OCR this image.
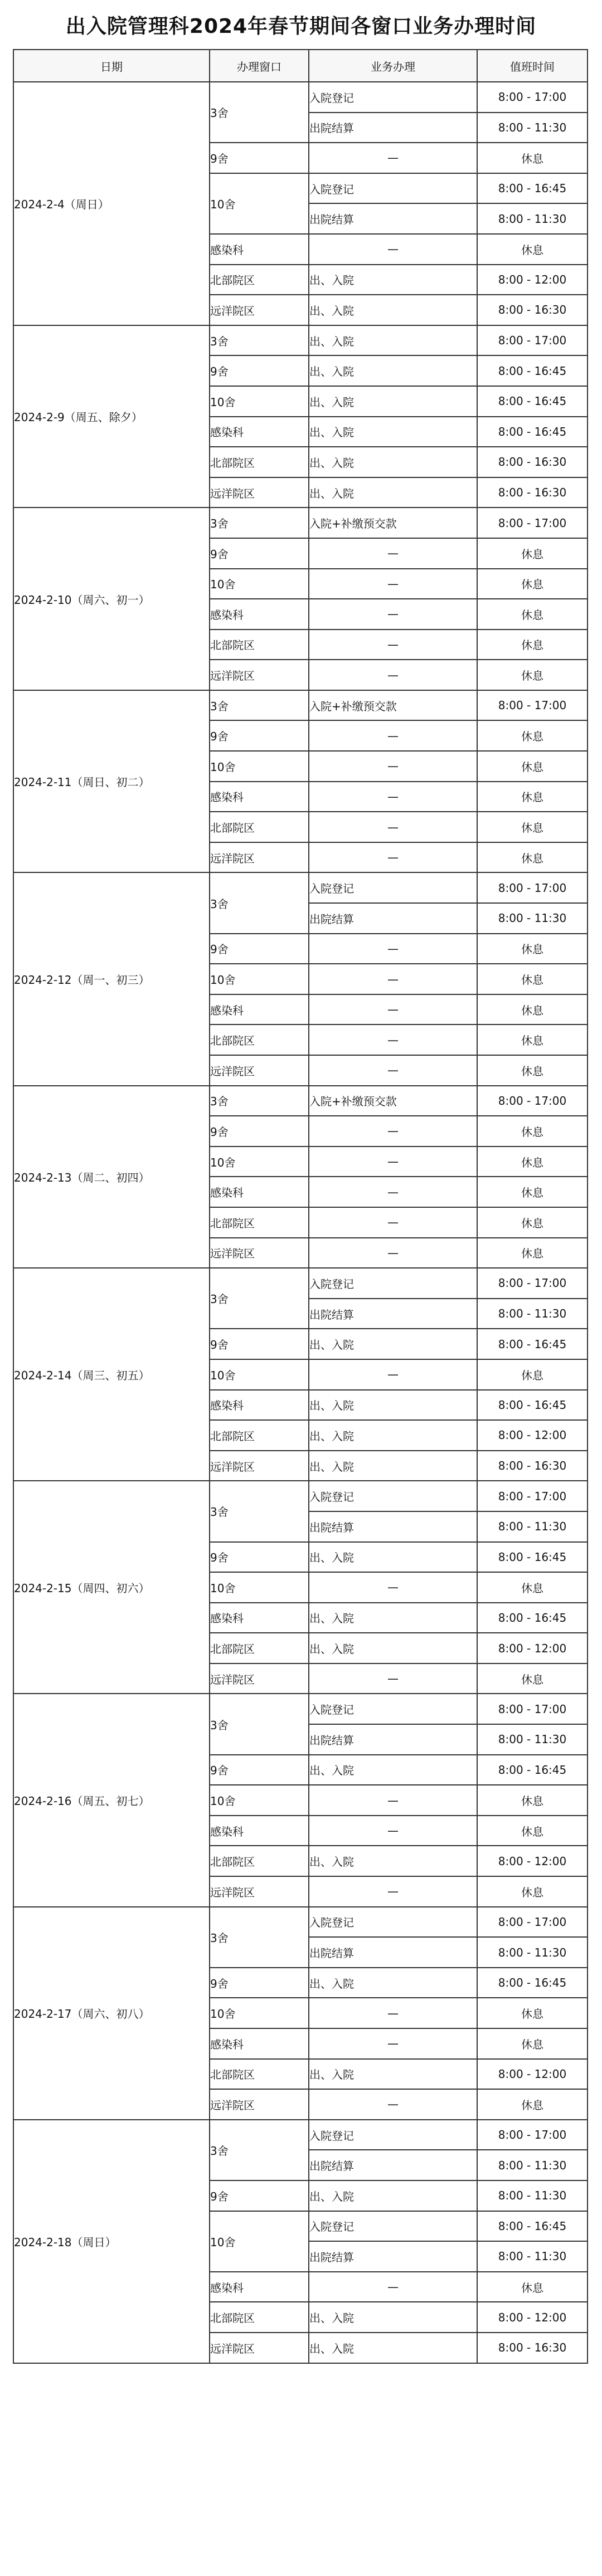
出入院管理科2024年春节期间各窗口业务办理时间
日期	办理窗口	业务办理	值班时间
2024-2-4（周日）	3舍	入院登记	8:00 - 17:00
		出院结算	8:00 - 11:30
	9舍	—	休息
	10舍	入院登记	8:00 - 16:45
		出院结算	8:00 - 11:30
	感染科	—	休息
	北部院区	出、入院	8:00 - 12:00
	远洋院区	出、入院	8:00 - 16:30
2024-2-9（周五、除夕）	3舍	出、入院	8:00 - 17:00
	9舍	出、入院	8:00 - 16:45
	10舍	出、入院	8:00 - 16:45
	感染科	出、入院	8:00 - 16:45
	北部院区	出、入院	8:00 - 16:30
	远洋院区	出、入院	8:00 - 16:30
2024-2-10（周六、初一）	3舍	入院+补缴预交款	8:00 - 17:00
	9舍	—	休息
	10舍	—	休息
	感染科	—	休息
	北部院区	—	休息
	远洋院区	—	休息
2024-2-11（周日、初二）	3舍	入院+补缴预交款	8:00 - 17:00
	9舍	—	休息
	10舍	—	休息
	感染科	—	休息
	北部院区	—	休息
	远洋院区	—	休息
2024-2-12（周一、初三）	3舍	入院登记	8:00 - 17:00
		出院结算	8:00 - 11:30
	9舍	—	休息
	10舍	—	休息
	感染科	—	休息
	北部院区	—	休息
	远洋院区	—	休息
2024-2-13（周二、初四）	3舍	入院+补缴预交款	8:00 - 17:00
	9舍	—	休息
	10舍	—	休息
	感染科	—	休息
	北部院区	—	休息
	远洋院区	—	休息
2024-2-14（周三、初五）	3舍	入院登记	8:00 - 17:00
		出院结算	8:00 - 11:30
	9舍	出、入院	8:00 - 16:45
	10舍	—	休息
	感染科	出、入院	8:00 - 16:45
	北部院区	出、入院	8:00 - 12:00
	远洋院区	出、入院	8:00 - 16:30
2024-2-15（周四、初六）	3舍	入院登记	8:00 - 17:00
		出院结算	8:00 - 11:30
	9舍	出、入院	8:00 - 16:45
	10舍	—	休息
	感染科	出、入院	8:00 - 16:45
	北部院区	出、入院	8:00 - 12:00
	远洋院区	—	休息
2024-2-16（周五、初七）	3舍	入院登记	8:00 - 17:00
		出院结算	8:00 - 11:30
	9舍	出、入院	8:00 - 16:45
	10舍	—	休息
	感染科	—	休息
	北部院区	出、入院	8:00 - 12:00
	远洋院区	—	休息
2024-2-17（周六、初八）	3舍	入院登记	8:00 - 17:00
		出院结算	8:00 - 11:30
	9舍	出、入院	8:00 - 16:45
	10舍	—	休息
	感染科	—	休息
	北部院区	出、入院	8:00 - 12:00
	远洋院区	—	休息
2024-2-18（周日）	3舍	入院登记	8:00 - 17:00
		出院结算	8:00 - 11:30
	9舍	出、入院	8:00 - 11:30
	10舍	入院登记	8:00 - 16:45
		出院结算	8:00 - 11:30
	感染科	—	休息
	北部院区	出、入院	8:00 - 12:00
	远洋院区	出、入院	8:00 - 16:30
